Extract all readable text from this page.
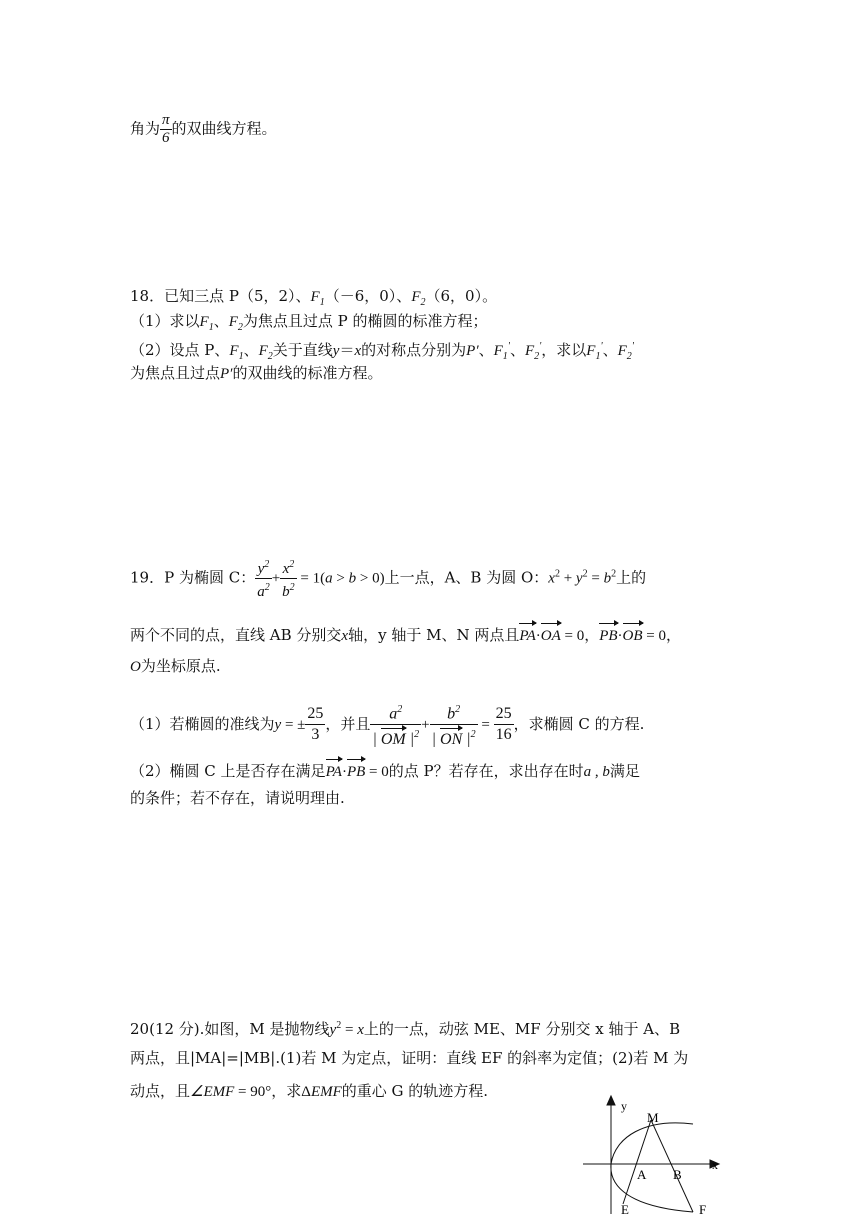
角为 $\frac{\pi}{6}$ 的双曲线方程。
18．已知三点 P（5，2）、$F_1(-6$，0）、$F_2(6$，0）。
（1）求以$F_1$、$F_2$为焦点且过点 P 的椭圆的标准方程；
（2）设点 P、$F_1$、$F_2$关于直线y＝x的对称点分别为P′、$F_1'$、$F_2'$，求以$F_1'$、$F_2'$
为焦点且过点P′的双曲线的标准方程。
19．P 为椭圆 C： $\frac{y^2}{a^2} + \frac{x^2}{b^2} = 1(a > b > 0)$上一点，A、B 为圆 O：$x^2 + y^2 = b^2$上的
两个不同的点，直线 AB 分别交x轴，y 轴于 M、N 两点且PA·OA = 0，PB·OB = 0，
O为坐标原点.
（1）若椭圆的准线为y = ± $\frac{25}{3}$ ，并且 $\frac{a^2}{| OM |^2} + \frac{b^2}{| ON |^2} = \frac{25}{16}$ ，求椭圆 C 的方程.
（2）椭圆 C 上是否存在满足PA·PB = 0的点 P？若存在，求出存在时a , b满足
的条件；若不存在，请说明理由.
20(12 分).如图，M 是抛物线$y^2 = x$上的一点，动弦 ME、MF 分别交 x 轴于 A、B
两点，且|MA|=|MB|.(1)若 M 为定点，证明：直线 EF 的斜率为定值；(2)若 M 为
动点，且∠EMF = 90°，求ΔEMF的重心 G 的轨迹方程.
y
x
M
A B
E	F
